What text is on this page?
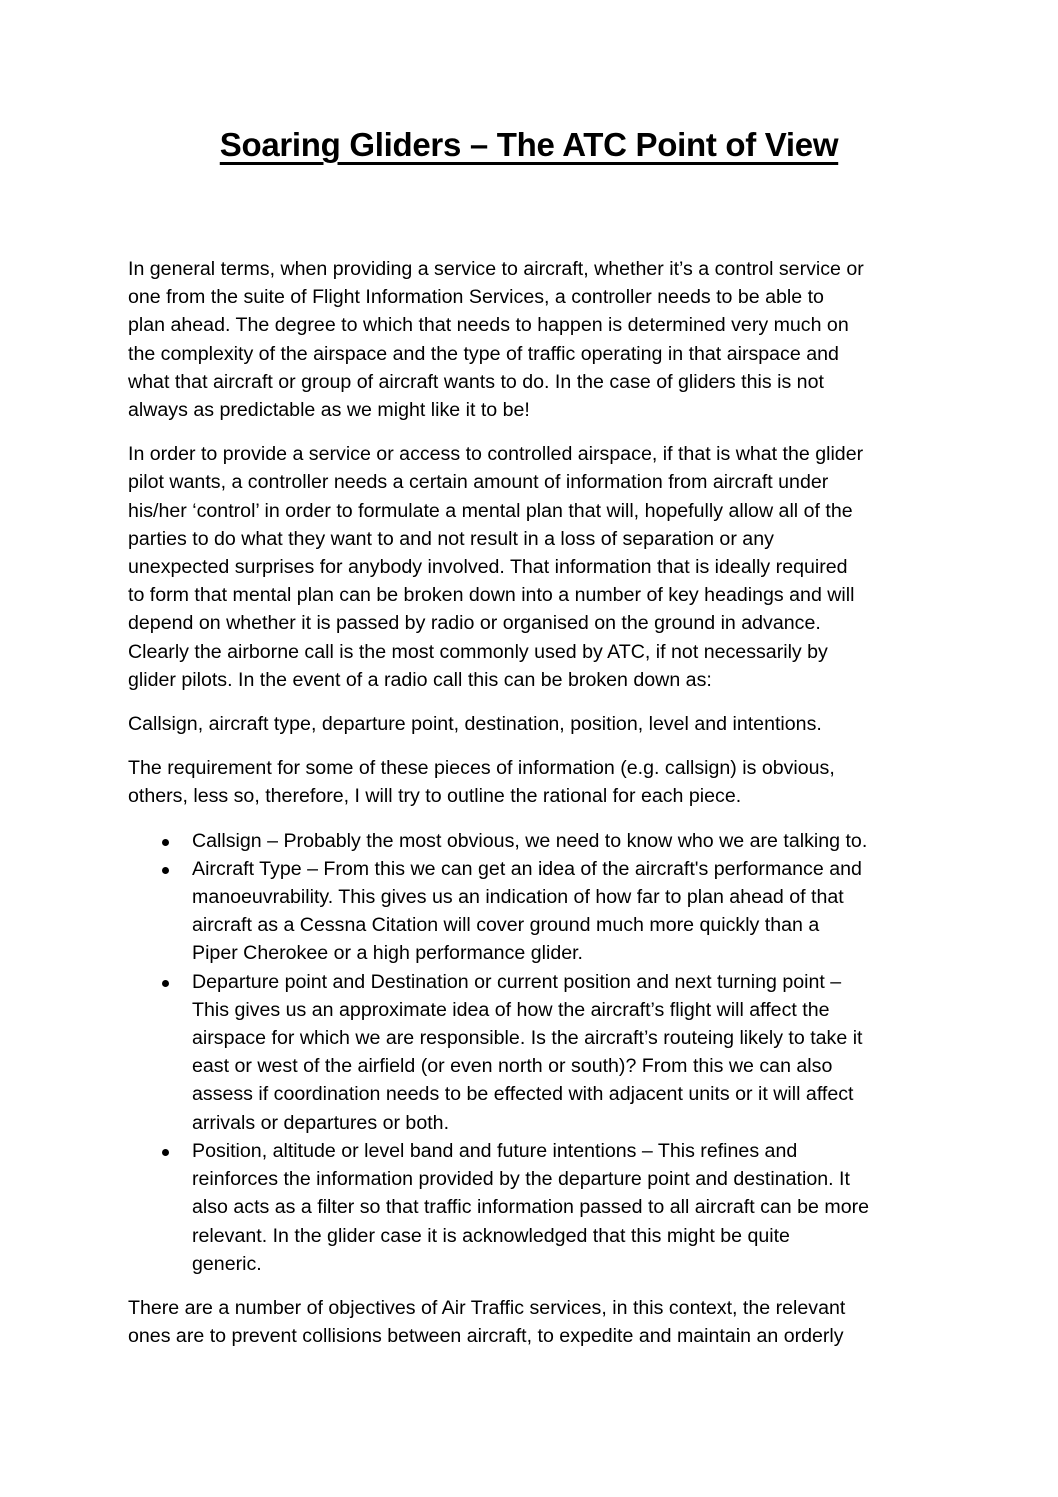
Soaring Gliders – The ATC Point of View

In general terms, when providing a service to aircraft, whether it’s a control service or
one from the suite of Flight Information Services, a controller needs to be able to
plan ahead. The degree to which that needs to happen is determined very much on
the complexity of the airspace and the type of traffic operating in that airspace and
what that aircraft or group of aircraft wants to do. In the case of gliders this is not
always as predictable as we might like it to be!

In order to provide a service or access to controlled airspace, if that is what the glider
pilot wants, a controller needs a certain amount of information from aircraft under
his/her ‘control’ in order to formulate a mental plan that will, hopefully allow all of the
parties to do what they want to and not result in a loss of separation or any
unexpected surprises for anybody involved. That information that is ideally required
to form that mental plan can be broken down into a number of key headings and will
depend on whether it is passed by radio or organised on the ground in advance.
Clearly the airborne call is the most commonly used by ATC, if not necessarily by
glider pilots. In the event of a radio call this can be broken down as:

Callsign, aircraft type, departure point, destination, position, level and intentions.

The requirement for some of these pieces of information (e.g. callsign) is obvious,
others, less so, therefore, I will try to outline the rational for each piece.

Callsign – Probably the most obvious, we need to know who we are talking to.
Aircraft Type – From this we can get an idea of the aircraft's performance and
manoeuvrability. This gives us an indication of how far to plan ahead of that
aircraft as a Cessna Citation will cover ground much more quickly than a
Piper Cherokee or a high performance glider.
Departure point and Destination or current position and next turning point –
This gives us an approximate idea of how the aircraft’s flight will affect the
airspace for which we are responsible. Is the aircraft’s routeing likely to take it
east or west of the airfield (or even north or south)? From this we can also
assess if coordination needs to be effected with adjacent units or it will affect
arrivals or departures or both.
Position, altitude or level band and future intentions – This refines and
reinforces the information provided by the departure point and destination. It
also acts as a filter so that traffic information passed to all aircraft can be more
relevant. In the glider case it is acknowledged that this might be quite
generic.

There are a number of objectives of Air Traffic services, in this context, the relevant
ones are to prevent collisions between aircraft, to expedite and maintain an orderly
